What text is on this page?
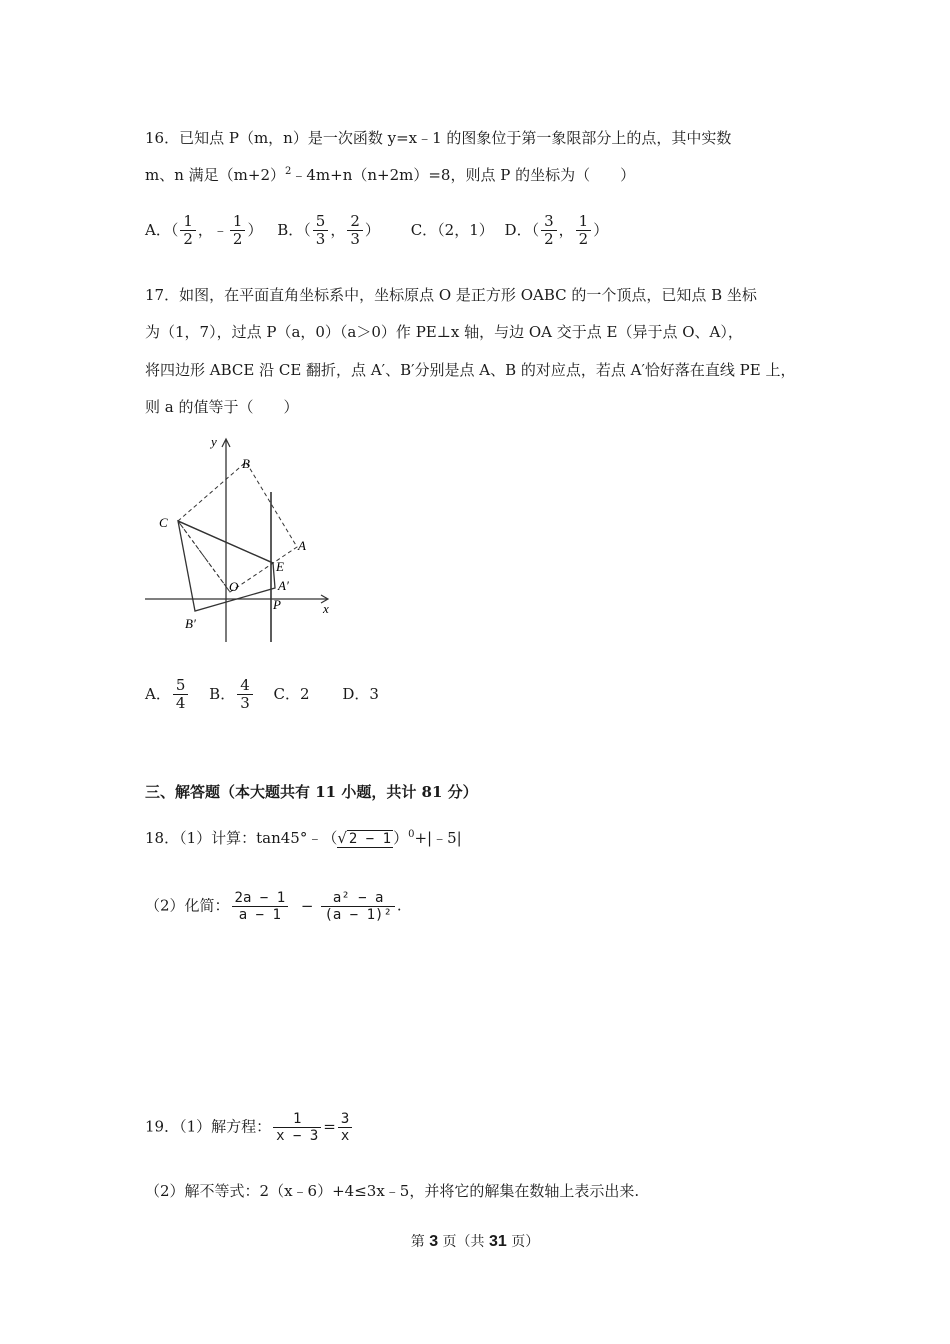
16．已知点 P（m，n）是一次函数 y=x﹣1 的图象位于第一象限部分上的点，其中实数
m、n 满足$(m+2)^2﹣4m+n(n+2m)=8$，则点 P 的坐标为（　　）
A．（ $\frac{1}{2}$ ，﹣ $\frac{1}{2}$ ） B．（ $\frac{5}{3}$ ， $\frac{2}{3}$ ） C．（2，1） D．（ $\frac{3}{2}$ ， $\frac{1}{2}$ ）
17．如图，在平面直角坐标系中，坐标原点 O 是正方形 OABC 的一个顶点，已知点 B 坐标
为（1，7），过点 P（a，0）（a＞0）作 PE⊥x 轴，与边 OA 交于点 E（异于点 O、A），
将四边形 ABCE 沿 CE 翻折，点 A′、B′分别是点 A、B 的对应点，若点 A′恰好落在直线 PE 上，
则 a 的值等于（　　）
y
x
B
C
A
E
O	A′
P
B′
A． $\frac{5}{4}$ B． $\frac{4}{3}$ C．2 D．3
三、解答题（本大题共有 11 小题，共计 81 分）
18．（1）计算：tan45°﹣（√ 2 − 1 ）$^0$+|﹣5|
（2）化简： $\frac{2a - 1}{a - 1} - \frac{\text{a² − a}}{\text{(a − 1)²}}$ .
19．（1）解方程： $\frac{1}{x - 3} = \frac{3}{x}$
（2）解不等式：2（x﹣6）+4≤3x﹣5，并将它的解集在数轴上表示出来.
第 3 页（共 31 页）
